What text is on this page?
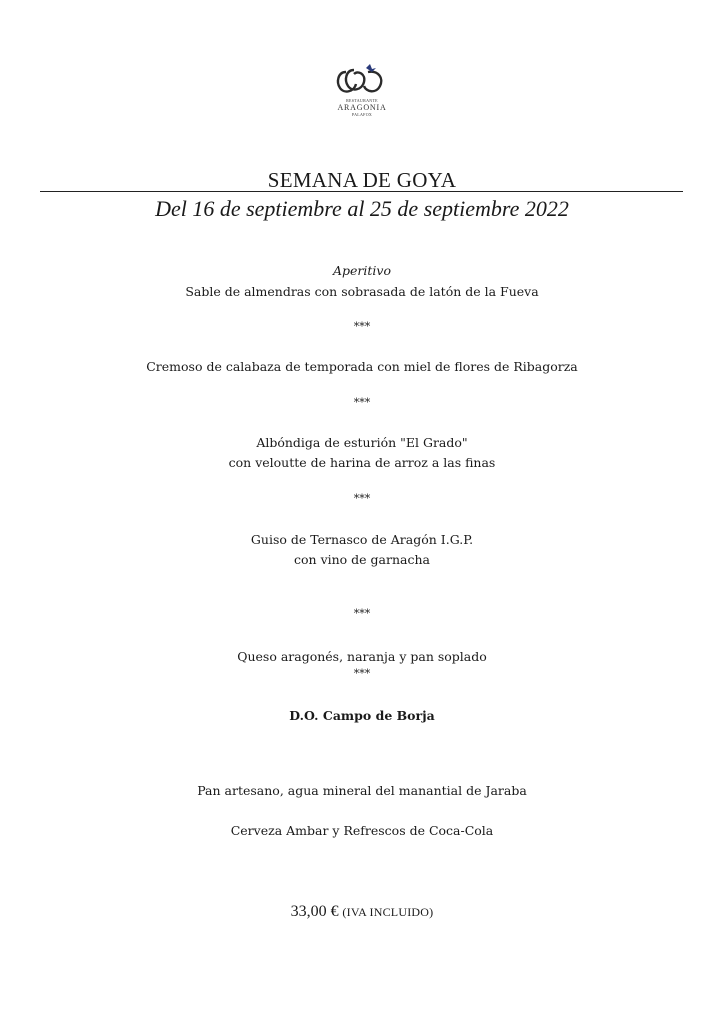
RESTAURANTE
ARAGONIA
PALAFOX
SEMANA DE GOYA
Del 16 de septiembre al 25 de septiembre 2022
Aperitivo
Sable de almendras con sobrasada de latón de la Fueva
***
Cremoso de calabaza de temporada con miel de flores de Ribagorza
***
Albóndiga de esturión "El Grado"
con veloutte de harina de arroz a las finas
***
Guiso de Ternasco de Aragón I.G.P.
con vino de garnacha
***
Queso aragonés, naranja y pan soplado
***
D.O. Campo de Borja
Pan artesano, agua mineral del manantial de Jaraba
Cerveza Ambar y Refrescos de Coca-Cola
33,00 € (IVA INCLUIDO)
